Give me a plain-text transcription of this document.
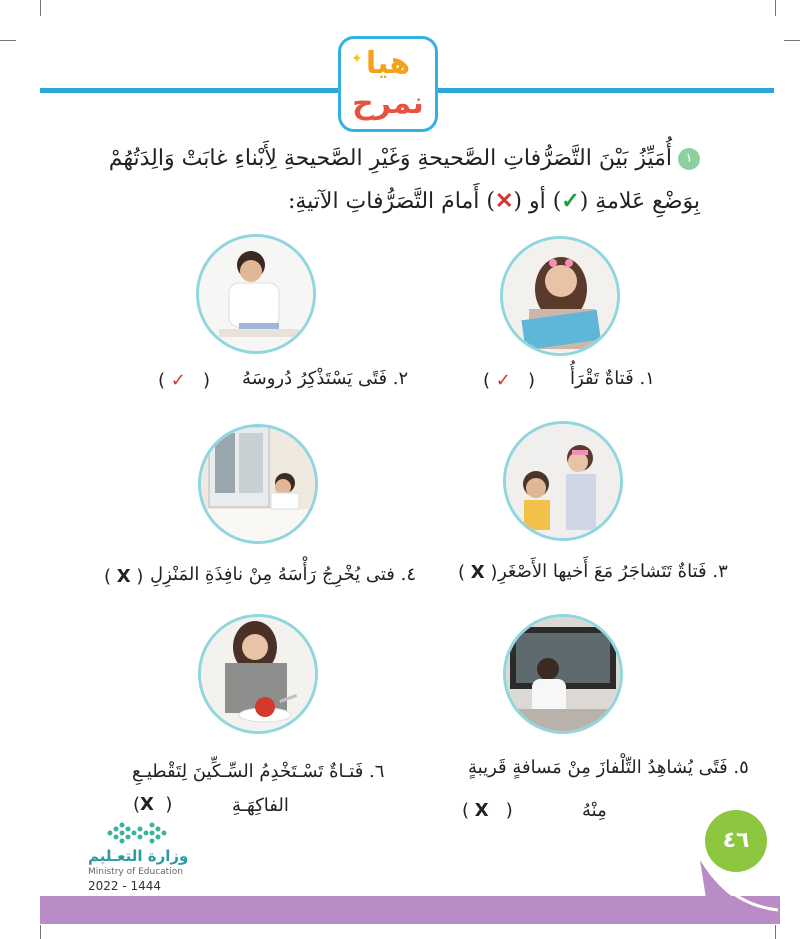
✦ هيا
نمرح
١أُمَيِّزُ بَيْنَ التَّصَرُّفاتِ الصَّحيحةِ وَغَيْرِ الصَّحيحةِ لِأَبْناءِ غابَتْ وَالِدَتُهُمْ
بِوَضْعِ عَلامةِ (✓) أو (✕) أَمامَ التَّصَرُّفاتِ الآتيةِ:
١. فَتاةٌ تَقْرَأُ
( ✓   )
٢. فَتًى يَسْتَذْكِرُ دُروسَهُ
( ✓   )
٣. فَتاةٌ تَتَشاجَرُ مَعَ أَخيها الأَصْغَرِ
( X )
٤. فتى يُخْرِجُ رَأْسَهُ مِنْ نافِذَةِ المَنْزِلِ
( X )
٥. فَتًى يُشاهِدُ التِّلْفازَ مِنْ مَسافةٍ قَريبةٍ
مِنْهُ
( X   )
٦. فَتـاةٌ تَسْـتَخْدِمُ السِّـكِّينَ لِتَقْطيـعِ
الفاكِهَـةِ
(X  )
وزارة التعـليم
Ministry of Education
2022 - 1444
٤٦
